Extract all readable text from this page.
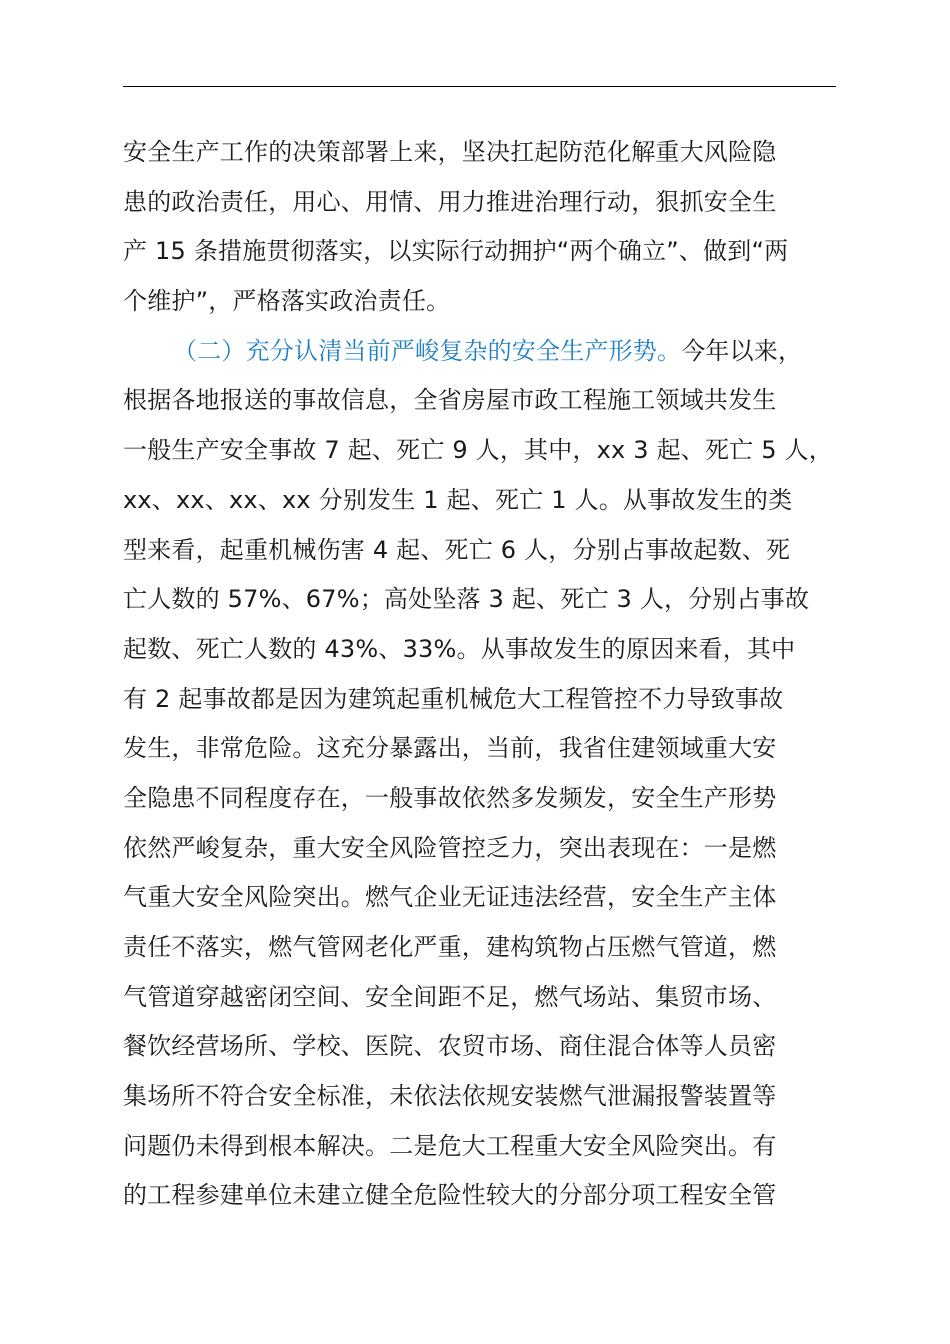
安全生产工作的决策部署上来，坚决扛起防范化解重大风险隐
患的政治责任，用心、用情、用力推进治理行动，狠抓安全生
产 15 条措施贯彻落实，以实际行动拥护“两个确立”、做到“两
个维护”，严格落实政治责任。
（二）充分认清当前严峻复杂的安全生产形势。今年以来，
根据各地报送的事故信息，全省房屋市政工程施工领域共发生
一般生产安全事故 7 起、死亡 9 人，其中，xx 3 起、死亡 5 人，
xx、xx、xx、xx 分别发生 1 起、死亡 1 人。从事故发生的类
型来看，起重机械伤害 4 起、死亡 6 人，分别占事故起数、死
亡人数的 57%、67%；高处坠落 3 起、死亡 3 人，分别占事故
起数、死亡人数的 43%、33%。从事故发生的原因来看，其中
有 2 起事故都是因为建筑起重机械危大工程管控不力导致事故
发生，非常危险。这充分暴露出，当前，我省住建领域重大安
全隐患不同程度存在，一般事故依然多发频发，安全生产形势
依然严峻复杂，重大安全风险管控乏力，突出表现在：一是燃
气重大安全风险突出。燃气企业无证违法经营，安全生产主体
责任不落实，燃气管网老化严重，建构筑物占压燃气管道，燃
气管道穿越密闭空间、安全间距不足，燃气场站、集贸市场、
餐饮经营场所、学校、医院、农贸市场、商住混合体等人员密
集场所不符合安全标准，未依法依规安装燃气泄漏报警装置等
问题仍未得到根本解决。二是危大工程重大安全风险突出。有
的工程参建单位未建立健全危险性较大的分部分项工程安全管
